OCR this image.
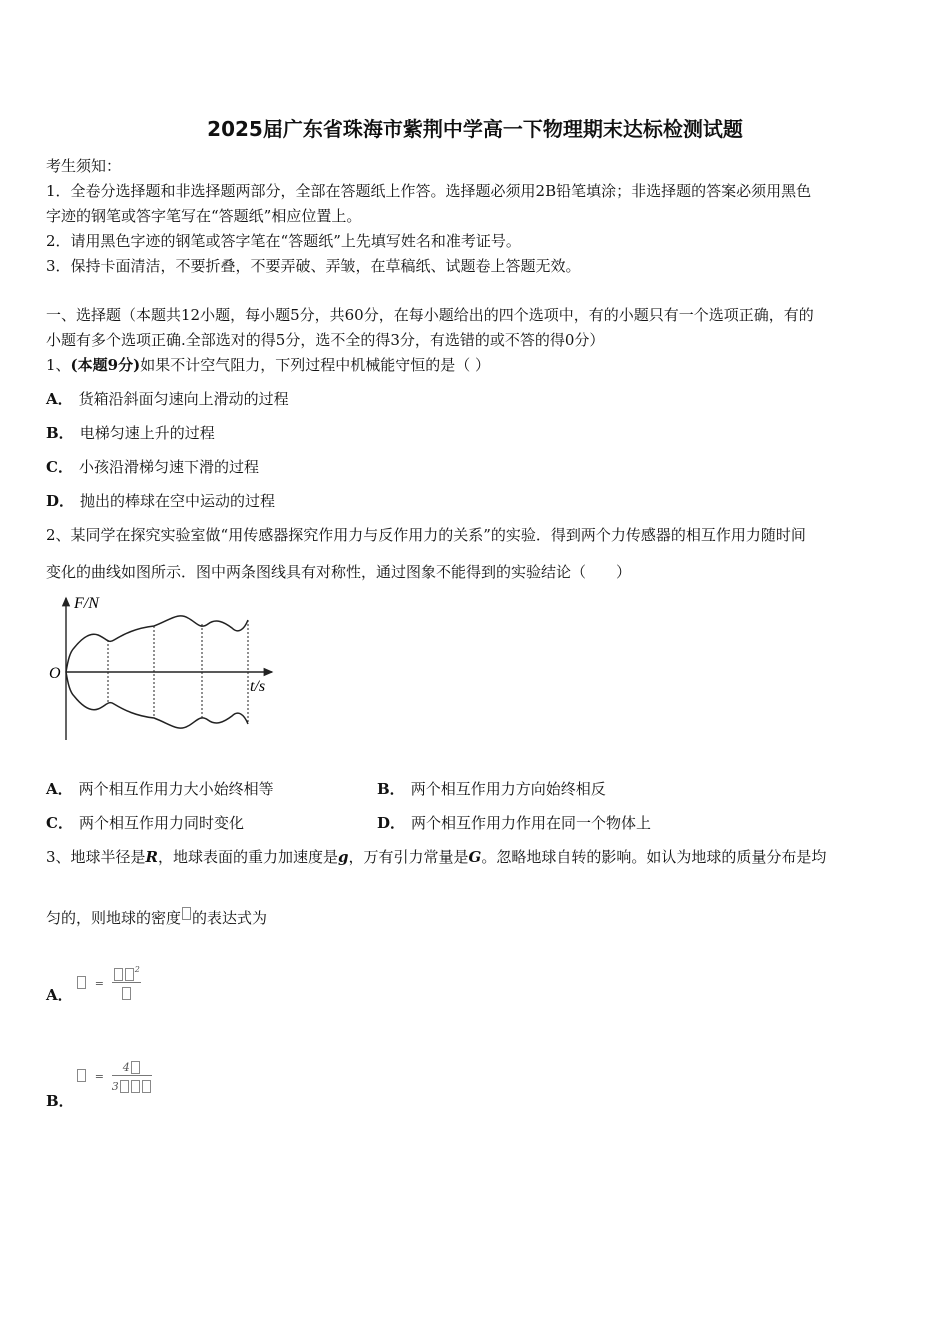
2025届广东省珠海市紫荆中学高一下物理期末达标检测试题
考生须知：
1．全卷分选择题和非选择题两部分，全部在答题纸上作答。选择题必须用2B铅笔填涂；非选择题的答案必须用黑色
字迹的钢笔或答字笔写在“答题纸”相应位置上。
2．请用黑色字迹的钢笔或答字笔在“答题纸”上先填写姓名和准考证号。
3．保持卡面清洁，不要折叠，不要弄破、弄皱，在草稿纸、试题卷上答题无效。
一、选择题（本题共12小题，每小题5分，共60分，在每小题给出的四个选项中，有的小题只有一个选项正确，有的
小题有多个选项正确.全部选对的得5分，选不全的得3分，有选错的或不答的得0分）
1、(本题9分)如果不计空气阻力，下列过程中机械能守恒的是（ ）
A． 货箱沿斜面匀速向上滑动的过程
B． 电梯匀速上升的过程
C． 小孩沿滑梯匀速下滑的过程
D． 抛出的棒球在空中运动的过程
2、某同学在探究实验室做“用传感器探究作用力与反作用力的关系”的实验．得到两个力传感器的相互作用力随时间
变化的曲线如图所示．图中两条图线具有对称性，通过图象不能得到的实验结论（　　）
F/N
t/s
O
A． 两个相互作用力大小始终相等	B． 两个相互作用力方向始终相反
C． 两个相互作用力同时变化	D． 两个相互作用力作用在同一个物体上
3、地球半径是R，地球表面的重力加速度是g，万有引力常量是G。忽略地球自转的影响。如认为地球的质量分布是均
匀的，则地球的密度 的表达式为
=
$^2$
A．
= $\frac{4}{3}$
B．
